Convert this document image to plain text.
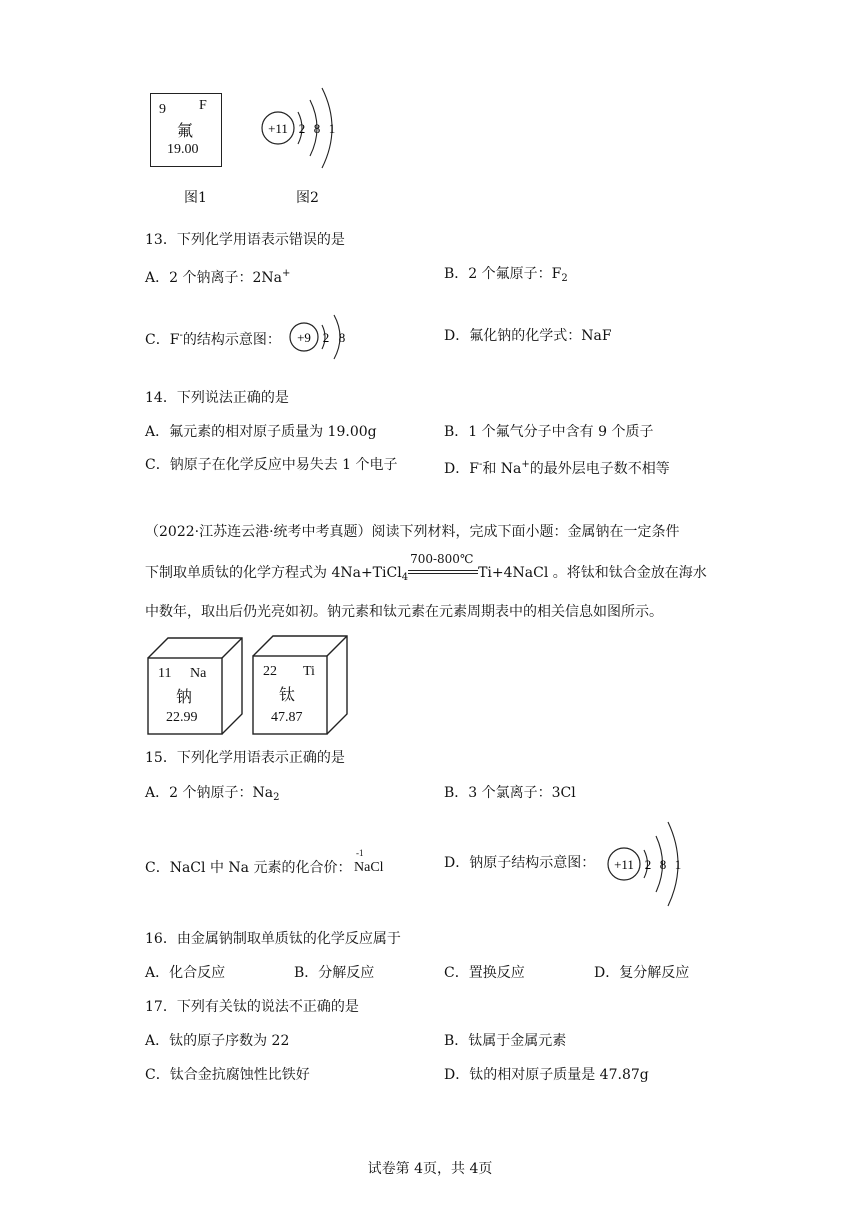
9 F
氟
19.00
+11 2 8 1
图1	图2
13．下列化学用语表示错误的是
A．2 个钠离子：2Na+	B．2 个氟原子：$F_2$
C．F-的结构示意图： +9 2 8	D．氟化钠的化学式：NaF
14．下列说法正确的是
A．氟元素的相对原子质量为 19.00g	B．1 个氟气分子中含有 9 个质子
C．钠原子在化学反应中易失去 1 个电子	D．F-和 Na+的最外层电子数不相等
（2022·江苏连云港·统考中考真题）阅读下列材料，完成下面小题：金属钠在一定条件
下制取单质钛的化学方程式为 4Na+TiCl$_4$
700-800℃
Ti+4NaCl 。将钛和钛合金放在海水
中数年，取出后仍光亮如初。钠元素和钛元素在元素周期表中的相关信息如图所示。
11 Na
钠
22.99
22 Ti
钛
47.87
15．下列化学用语表示正确的是
A．2 个钠原子：$Na_2$	B．3 个氯离子：3Cl
C．NaCl 中 Na 元素的化合价：
-1
NaCl	D．钠原子结构示意图： +11 2 8 1
16．由金属钠制取单质钛的化学反应属于
A．化合反应	B．分解反应	C．置换反应	D．复分解反应
17．下列有关钛的说法不正确的是
A．钛的原子序数为 22	B．钛属于金属元素
C．钛合金抗腐蚀性比铁好	D．钛的相对原子质量是 47.87g
试卷第 4页，共 4页
